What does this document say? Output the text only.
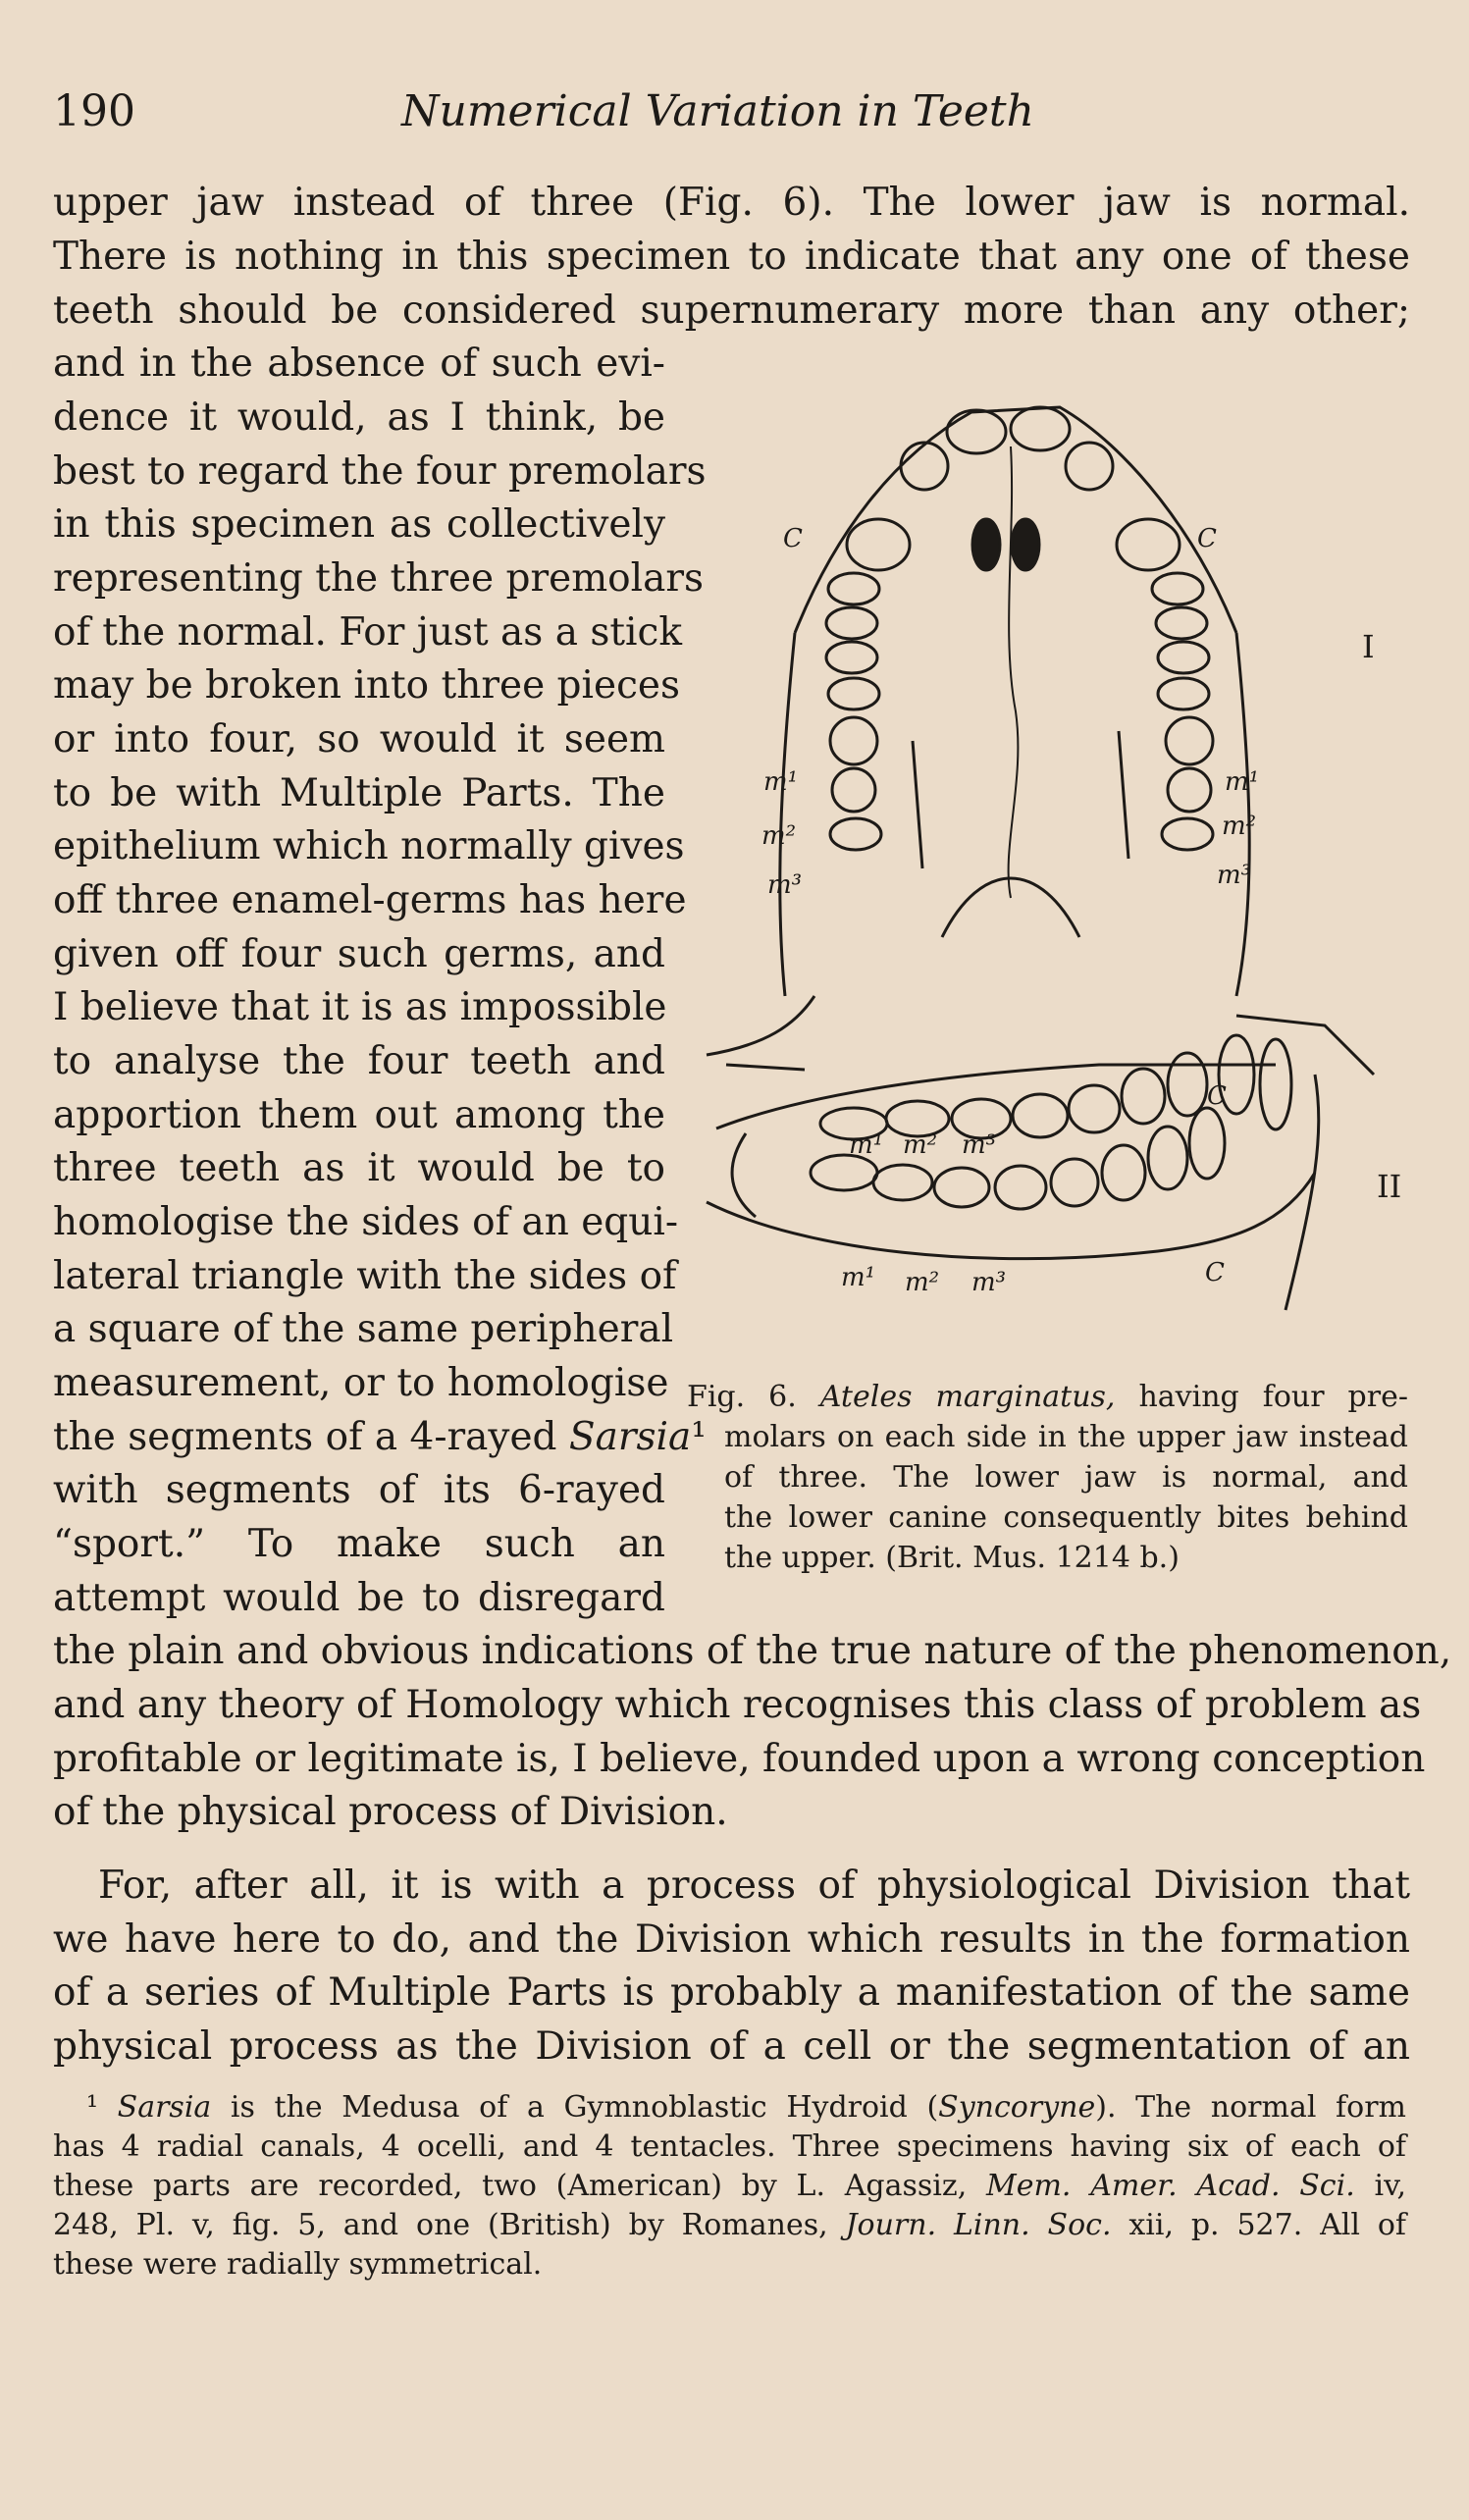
190	Numerical Variation in Teeth
upper jaw instead of three (Fig. 6). The lower jaw is normal.
There is nothing in this specimen to indicate that any one of these
teeth should be considered supernumerary more than any other;
and in the absence of such evi-
dence it would, as I think, be
best to regard the four premolars
in this specimen as collectively
representing the three premolars
of the normal. For just as a stick
may be broken into three pieces
or into four, so would it seem
to be with Multiple Parts. The
epithelium which normally gives
off three enamel-germs has here
given off four such germs, and
I believe that it is as impossible
to analyse the four teeth and
apportion them out among the
three teeth as it would be to
homologise the sides of an equi-
lateral triangle with the sides of
a square of the same peripheral
measurement, or to homologise
the segments of a 4-rayed Sarsia¹
with segments of its 6-rayed
“sport.” To make such an
attempt would be to disregard
the plain and obvious indications of the true nature of the phenomenon,
and any theory of Homology which recognises this class of problem as
profitable or legitimate is, I believe, founded upon a wrong conception
of the physical process of Division.
For, after all, it is with a process of physiological Division that
we have here to do, and the Division which results in the formation
of a series of Multiple Parts is probably a manifestation of the same
physical process as the Division of a cell or the segmentation of an
C	C
m¹
m²
m³
m¹
m²
m³
m¹ m² m³
m¹ m² m³
C
C
I
II
Fig. 6. Ateles marginatus, having four pre-
molars on each side in the upper jaw instead
of three. The lower jaw is normal, and
the lower canine consequently bites behind
the upper. (Brit. Mus. 1214 b.)
¹ Sarsia is the Medusa of a Gymnoblastic Hydroid (Syncoryne). The normal form
has 4 radial canals, 4 ocelli, and 4 tentacles. Three specimens having six of each of
these parts are recorded, two (American) by L. Agassiz, Mem. Amer. Acad. Sci. iv,
248, Pl. v, fig. 5, and one (British) by Romanes, Journ. Linn. Soc. xii, p. 527. All of
these were radially symmetrical.
